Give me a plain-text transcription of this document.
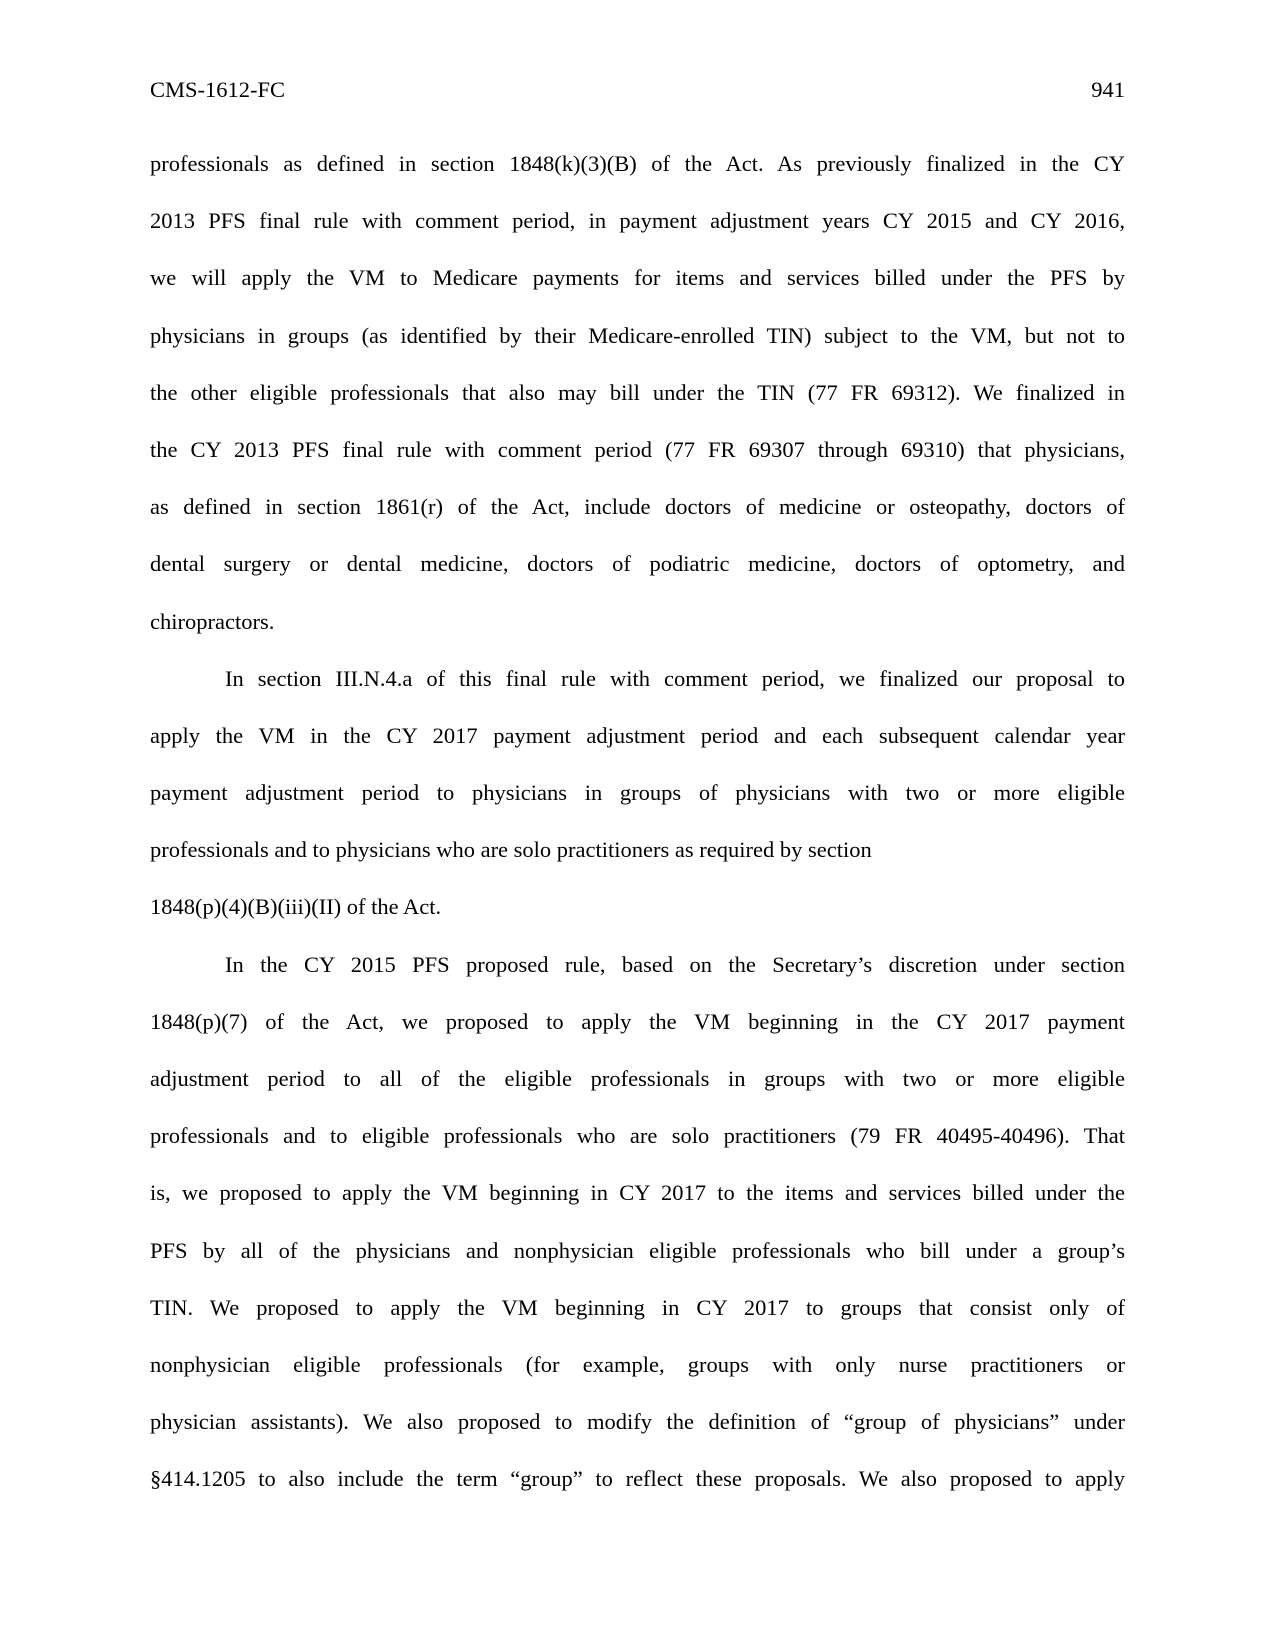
CMS-1612-FC	941
professionals as defined in section 1848(k)(3)(B) of the Act. As previously finalized in the CY
2013 PFS final rule with comment period, in payment adjustment years CY 2015 and CY 2016,
we will apply the VM to Medicare payments for items and services billed under the PFS by
physicians in groups (as identified by their Medicare-enrolled TIN) subject to the VM, but not to
the other eligible professionals that also may bill under the TIN (77 FR 69312). We finalized in
the CY 2013 PFS final rule with comment period (77 FR 69307 through 69310) that physicians,
as defined in section 1861(r) of the Act, include doctors of medicine or osteopathy, doctors of
dental surgery or dental medicine, doctors of podiatric medicine, doctors of optometry, and
chiropractors.
In section III.N.4.a of this final rule with comment period, we finalized our proposal to
apply the VM in the CY 2017 payment adjustment period and each subsequent calendar year
payment adjustment period to physicians in groups of physicians with two or more eligible
professionals and to physicians who are solo practitioners as required by section
1848(p)(4)(B)(iii)(II) of the Act.
In the CY 2015 PFS proposed rule, based on the Secretary’s discretion under section
1848(p)(7) of the Act, we proposed to apply the VM beginning in the CY 2017 payment
adjustment period to all of the eligible professionals in groups with two or more eligible
professionals and to eligible professionals who are solo practitioners (79 FR 40495-40496). That
is, we proposed to apply the VM beginning in CY 2017 to the items and services billed under the
PFS by all of the physicians and nonphysician eligible professionals who bill under a group’s
TIN. We proposed to apply the VM beginning in CY 2017 to groups that consist only of
nonphysician eligible professionals (for example, groups with only nurse practitioners or
physician assistants). We also proposed to modify the definition of “group of physicians” under
§414.1205 to also include the term “group” to reflect these proposals. We also proposed to apply
